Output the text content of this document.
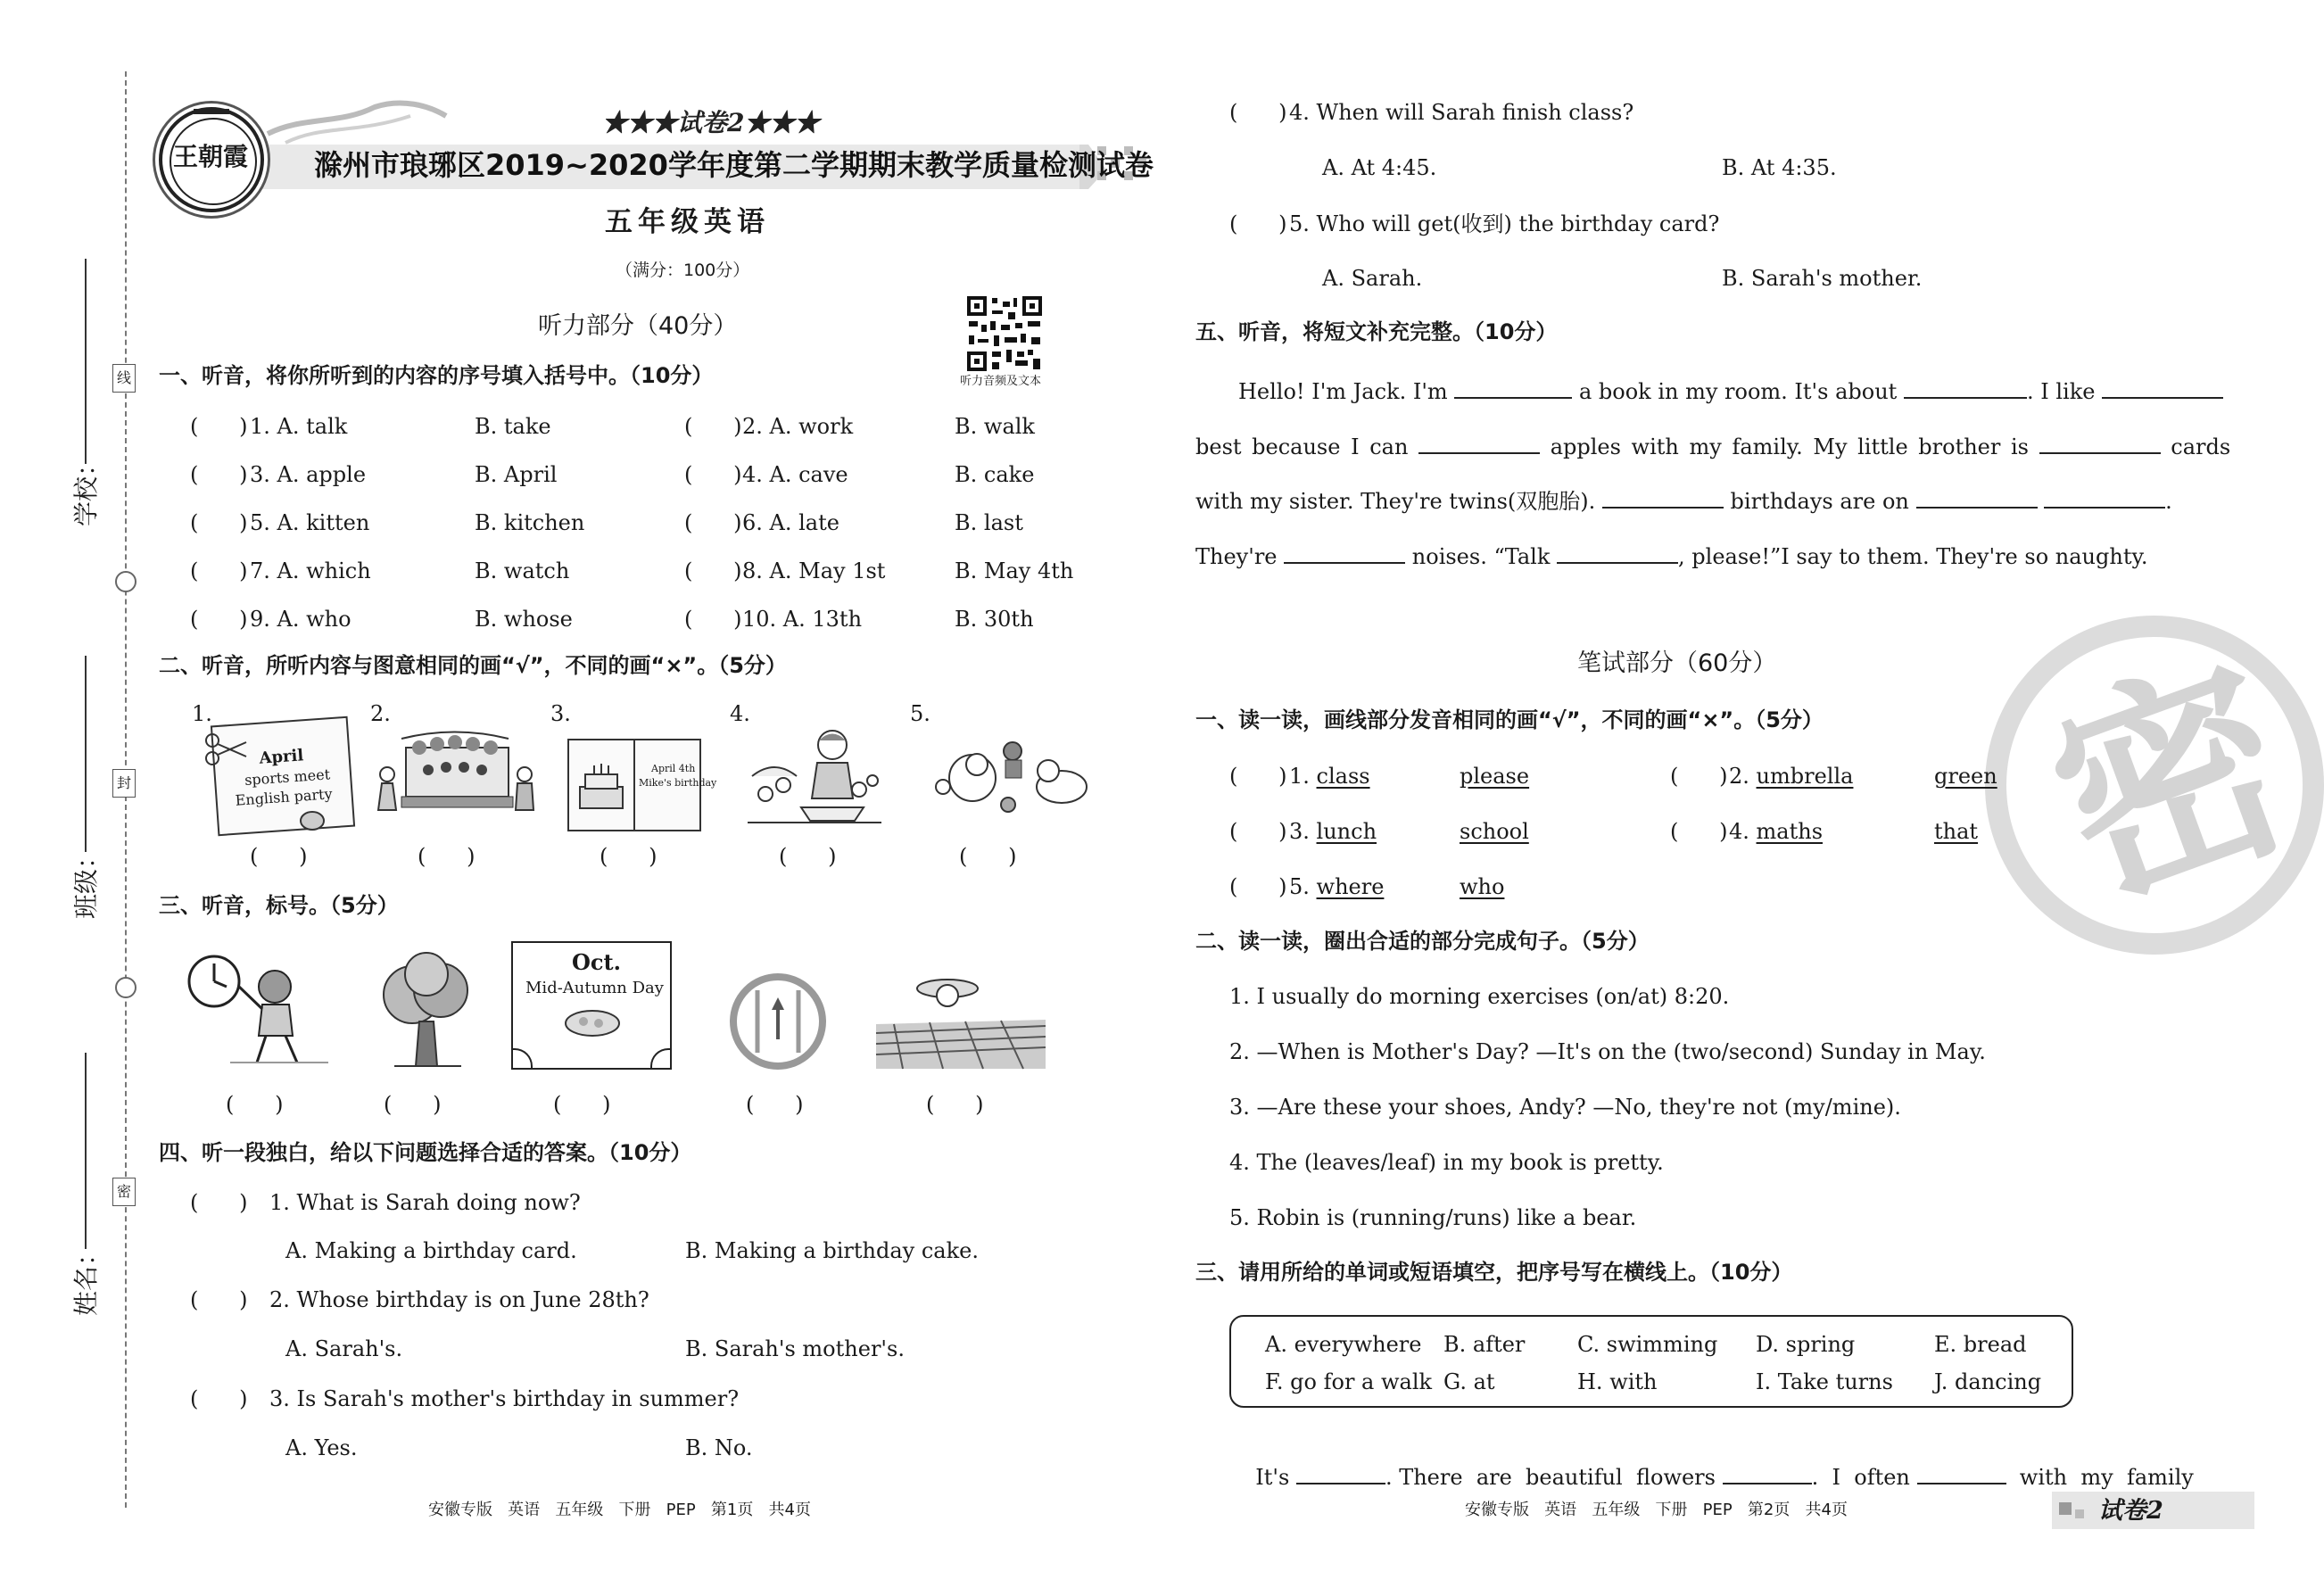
线
封
密
学校：
班级：
姓名：
王朝霞
★★★试卷2★★★
滁州市琅琊区2019~2020学年度第二学期期末教学质量检测试卷
五年级英语
（满分：100分）
听力音频及文本
听力部分（40分）
一、听音，将你所听到的内容的序号填入括号中。（10分）
(      ) 1. A. talk	B. take	(      ) 2. A. work	B. walk
(      ) 3. A. apple	B. April	(      ) 4. A. cave	B. cake
(      ) 5. A. kitten	B. kitchen	(      ) 6. A. late	B. last
(      ) 7. A. which	B. watch	(      ) 8. A. May 1st	B. May 4th
(      ) 9. A. who	B. whose	(      ) 10. A. 13th	B. 30th
二、听音，所听内容与图意相同的画“√”，不同的画“×”。（5分）
1.	2.	3.	4.	5.
April
sports meet
English party
April 4th
Mike's birthday
(      )	(      )	(      )	(      )	(      )
三、听音，标号。（5分）
Oct.
Mid-Autumn Day
(      )	(      )	(      )	(      )	(      )
四、听一段独白，给以下问题选择合适的答案。（10分）
(      ) 1. What is Sarah doing now?
A. Making a birthday card.	B. Making a birthday cake.
(      ) 2. Whose birthday is on June 28th?
A. Sarah's.	B. Sarah's mother's.
(      ) 3. Is Sarah's mother's birthday in summer?
A. Yes.	B. No.
安徽专版   英语   五年级   下册   PEP   第1页   共4页
(      ) 4. When will Sarah finish class?
A. At 4:45.	B. At 4:35.
(      ) 5. Who will get(收到) the birthday card?
A. Sarah.	B. Sarah's mother.
五、听音，将短文补充完整。（10分）
Hello! I'm Jack. I'm	a book in my room. It's about	. I like
best because I can	apples with my family. My little brother is	cards
with my sister. They're twins(双胞胎).	birthdays are on	.
They're	noises. “Talk	, please!”I say to them. They're so naughty.
密
笔试部分（60分）
一、读一读，画线部分发音相同的画“√”，不同的画“×”。（5分）
(      ) 1. class	please	(      ) 2. umbrella	green
(      ) 3. lunch	school	(      ) 4. maths	that
(      ) 5. where	who
二、读一读，圈出合适的部分完成句子。（5分）
1. I usually do morning exercises (on/at) 8:20.
2. —When is Mother's Day? —It's on the (two/second) Sunday in May.
3. —Are these your shoes, Andy? —No, they're not (my/mine).
4. The (leaves/leaf) in my book is pretty.
5. Robin is (running/runs) like a bear.
三、请用所给的单词或短语填空，把序号写在横线上。（10分）
A. everywhere B. after C. swimming D. spring	E. bread
F. go for a walk G. at	H. with	I. Take turns J. dancing

It's	. There  are  beautiful  flowers	.  I  often	with  my  family

安徽专版   英语   五年级   下册   PEP   第2页   共4页	试卷2
